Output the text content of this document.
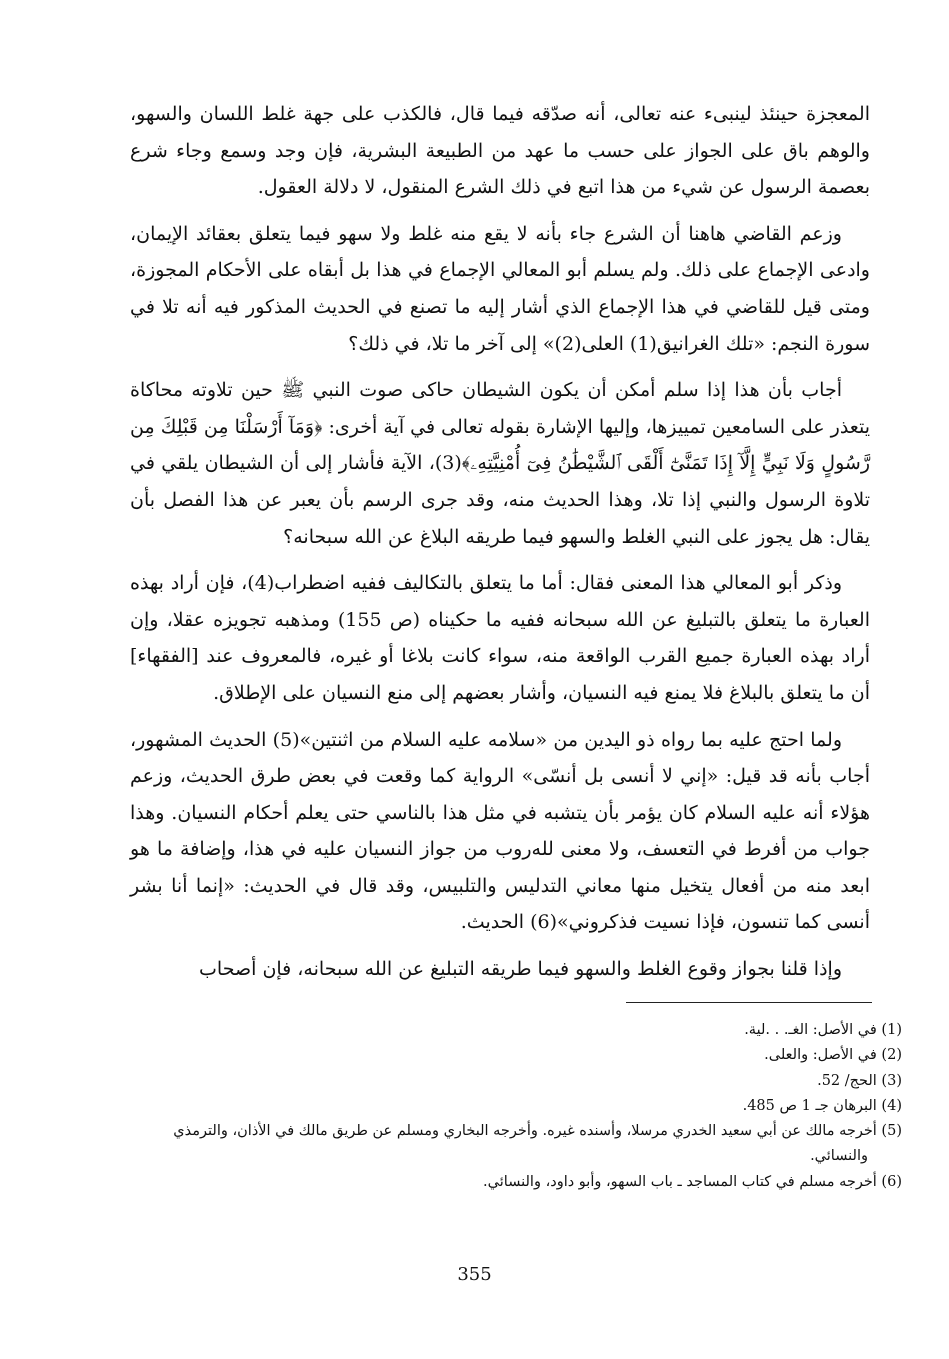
المعجزة حينئذ لينبىء عنه تعالى، أنه صدّقه فيما قال، فالكذب على جهة غلط اللسان والسهو، والوهم باق على الجواز على حسب ما عهد من الطبيعة البشرية، فإن وجد وسمع وجاء شرع بعصمة الرسول عن شيء من هذا اتبع في ذلك الشرع المنقول، لا دلالة العقول.

وزعم القاضي هاهنا أن الشرع جاء بأنه لا يقع منه غلط ولا سهو فيما يتعلق بعقائد الإيمان، وادعى الإجماع على ذلك. ولم يسلم أبو المعالي الإجماع في هذا بل أبقاه على الأحكام المجوزة، ومتى قيل للقاضي في هذا الإجماع الذي أشار إليه ما تصنع في الحديث المذكور فيه أنه تلا في سورة النجم: «تلك الغرانيق(1) العلى(2)» إلى آخر ما تلا، في ذلك؟

أجاب بأن هذا إذا سلم أمكن أن يكون الشيطان حاكى صوت النبي ﷺ حين تلاوته محاكاة يتعذر على السامعين تمييزها، وإليها الإشارة بقوله تعالى في آية أخرى: ﴿وَمَآ أَرْسَلْنَا مِن قَبْلِكَ مِن رَّسُولٍ وَلَا نَبِيٍّ إِلَّآ إِذَا تَمَنَّىٰٓ أَلْقَى ٱلشَّيْطَٰنُ فِىٓ أُمْنِيَّتِهِۦ﴾(3)، الآية فأشار إلى أن الشيطان يلقي في تلاوة الرسول والنبي إذا تلا، وهذا الحديث منه، وقد جرى الرسم بأن يعبر عن هذا الفصل بأن يقال: هل يجوز على النبي الغلط والسهو فيما طريقه البلاغ عن الله سبحانه؟

وذكر أبو المعالي هذا المعنى فقال: أما ما يتعلق بالتكاليف ففيه اضطراب(4)، فإن أراد بهذه العبارة ما يتعلق بالتبليغ عن الله سبحانه ففيه ما حكيناه (ص 155) ومذهبه تجويزه عقلا، وإن أراد بهذه العبارة جميع القرب الواقعة منه، سواء كانت بلاغا أو غيره، فالمعروف عند [الفقهاء] أن ما يتعلق بالبلاغ فلا يمنع فيه النسيان، وأشار بعضهم إلى منع النسيان على الإطلاق.

ولما احتج عليه بما رواه ذو اليدين من «سلامه عليه السلام من اثنتين»(5) الحديث المشهور، أجاب بأنه قد قيل: «إني لا أنسى بل أنسّى» الرواية كما وقعت في بعض طرق الحديث، وزعم هؤلاء أنه عليه السلام كان يؤمر بأن يتشبه في مثل هذا بالناسي حتى يعلم أحكام النسيان. وهذا جواب من أفرط في التعسف، ولا معنى لله‌روب من جواز النسيان عليه في هذا، وإضافة ما هو ابعد منه من أفعال يتخيل منها معاني التدليس والتلبيس، وقد قال في الحديث: «إنما أنا بشر أنسى كما تنسون، فإذا نسيت فذكروني»(6) الحديث.

وإذا قلنا بجواز وقوع الغلط والسهو فيما طريقه التبليغ عن الله سبحانه، فإن أصحاب

(1) في الأصل: الغـ. . .لية.

(2) في الأصل: والعلى.

(3) الحج/ 52.

(4) البرهان جـ 1 ص 485.

(5) أخرجه مالك عن أبي سعيد الخدري مرسلا، وأسنده غيره. وأخرجه البخاري ومسلم عن طريق مالك في الأذان، والترمذي والنسائي.

(6) أخرجه مسلم في كتاب المساجد ـ باب السهو، وأبو داود، والنسائي.

355
